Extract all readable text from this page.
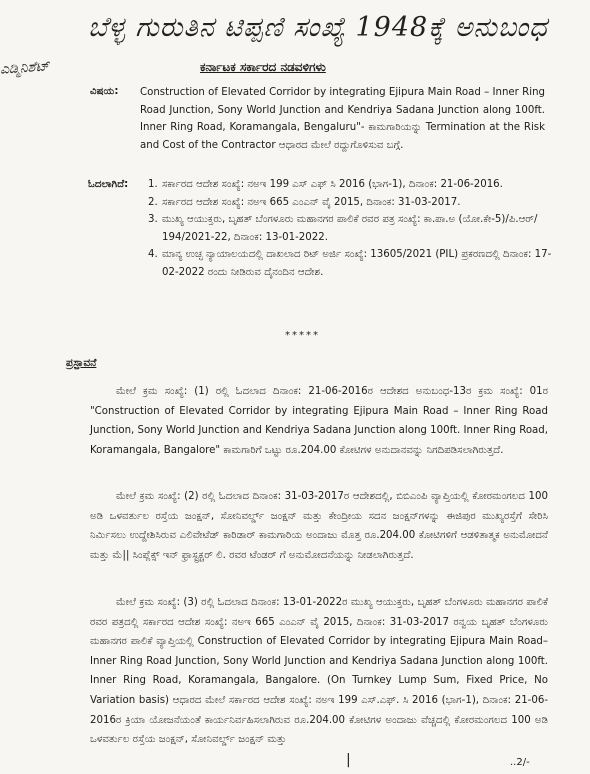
ಬೆಳ್ಳ ಗುರುತಿನ ಟಿಪ್ಪಣಿ ಸಂಖ್ಯೆ 1948ಕ್ಕೆ ಅನುಬಂಧ
ಎಡ್ಮಿನಿಶೆಟ್	ಕರ್ನಾಟಕ ಸರ್ಕಾರದ ನಡವಳಿಗಳು
ವಿಷಯ: Construction of Elevated Corridor by integrating Ejipura Main Road – Inner Ring Road Junction, Sony World Junction and Kendriya Sadana Junction along 100ft. Inner Ring Road, Koramangala, Bengaluru"- ಕಾಮಗಾರಿಯನ್ನು Termination at the Risk and Cost of the Contractor ಆಧಾರದ ಮೇಲೆ ರದ್ದುಗೊಳಿಸುವ ಬಗ್ಗೆ.
ಓದಲಾಗಿದೆ: 1. ಸರ್ಕಾರದ ಆದೇಶ ಸಂಖ್ಯೆ: ನಅಇ 199 ಎಸ್ ಎಫ್ ಸಿ 2016 (ಭಾಗ-1), ದಿನಾಂಕ: 21-06-2016.
2. ಸರ್ಕಾರದ ಆದೇಶ ಸಂಖ್ಯೆ: ನಅಇ 665 ಎಂಎನ್ ವೈ 2015, ದಿನಾಂಕ: 31-03-2017.
3. ಮುಖ್ಯ ಆಯುಕ್ತರು, ಬೃಹತ್ ಬೆಂಗಳೂರು ಮಹಾನಗರ ಪಾಲಿಕೆ ರವರ ಪತ್ರ ಸಂಖ್ಯೆ: ಕಾ.ಪಾ.ಅ (ಯೋ.ಕೇ-5)/ಪಿ.ಆರ್/ 194/2021-22, ದಿನಾಂಕ: 13-01-2022.
4. ಮಾನ್ಯ ಉಚ್ಛ ನ್ಯಾಯಾಲಯದಲ್ಲಿ ದಾಖಲಾದ ರಿಟ್ ಅರ್ಜಿ ಸಂಖ್ಯೆ: 13605/2021 (PIL) ಪ್ರಕರಣದಲ್ಲಿ ದಿನಾಂಕ: 17-02-2022 ರಂದು ನೀಡಿರುವ ದೈನಂದಿನ ಆದೇಶ.
*****
ಪ್ರಸ್ತಾವನೆ
ಮೇಲೆ ಕ್ರಮ ಸಂಖ್ಯೆ: (1) ರಲ್ಲಿ ಓದಲಾದ ದಿನಾಂಕ: 21-06-2016ರ ಆದೇಶದ ಅನುಬಂಧ-13ರ ಕ್ರಮ ಸಂಖ್ಯೆ: 01ರ "Construction of Elevated Corridor by integrating Ejipura Main Road – Inner Ring Road Junction, Sony World Junction and Kendriya Sadana Junction along 100ft. Inner Ring Road, Koramangala, Bangalore" ಕಾಮಗಾರಿಗೆ ಒಟ್ಟು ರೂ.204.00 ಕೋಟಿಗಳ ಅನುದಾನವನ್ನು ನಿಗದಿಪಡಿಸಲಾಗಿರುತ್ತದೆ.
ಮೇಲೆ ಕ್ರಮ ಸಂಖ್ಯೆ: (2) ರಲ್ಲಿ ಓದಲಾದ ದಿನಾಂಕ: 31-03-2017ರ ಆದೇಶದಲ್ಲಿ, ಬಿಬಿಎಂಪಿ ವ್ಯಾಪ್ತಿಯಲ್ಲಿ ಕೋರಮಂಗಲದ 100 ಅಡಿ ಒಳವರ್ತುಲ ರಸ್ತೆಯ ಜಂಕ್ಷನ್, ಸೋನಿವರ್ಲ್ಡ್ ಜಂಕ್ಷನ್ ಮತ್ತು ಕೇಂದ್ರೀಯ ಸದನ ಜಂಕ್ಷನ್‌ಗಳನ್ನು ಈಜಿಪುರ ಮುಖ್ಯರಸ್ತೆಗೆ ಸೇರಿಸಿ ನಿರ್ಮಿಸಲು ಉದ್ದೇಶಿಸಿರುವ ಎಲಿವೇಟೆಡ್ ಕಾರಿಡಾರ್ ಕಾಮಗಾರಿಯ ಅಂದಾಜು ಮೊತ್ತ ರೂ.204.00 ಕೋಟಿಗಳಿಗೆ ಆಡಳಿತಾತ್ಮಕ ಅನುಮೋದನೆ ಮತ್ತು ಮೆ|| ಸಿಂಪ್ಲೆಕ್ಸ್ ಇನ್ ಫ್ರಾಸ್ಟ್ರಕ್ಚರ್ ಲಿ. ರವರ ಟೆಂಡರ್ ಗೆ ಅನುಮೋದನೆಯನ್ನು ನೀಡಲಾಗಿರುತ್ತದೆ.
ಮೇಲೆ ಕ್ರಮ ಸಂಖ್ಯೆ: (3) ರಲ್ಲಿ ಓದಲಾದ ದಿನಾಂಕ: 13-01-2022ರ ಮುಖ್ಯ ಆಯುಕ್ತರು, ಬೃಹತ್ ಬೆಂಗಳೂರು ಮಹಾನಗರ ಪಾಲಿಕೆ ರವರ ಪತ್ರದಲ್ಲಿ ಸರ್ಕಾರದ ಆದೇಶ ಸಂಖ್ಯೆ: ನಅಇ 665 ಎಂಎನ್ ವೈ 2015, ದಿನಾಂಕ: 31-03-2017 ರನ್ವಯ ಬೃಹತ್ ಬೆಂಗಳೂರು ಮಹಾನಗರ ಪಾಲಿಕೆ ವ್ಯಾಪ್ತಿಯಲ್ಲಿ Construction of Elevated Corridor by integrating Ejipura Main Road–Inner Ring Road Junction, Sony World Junction and Kendriya Sadana Junction along 100ft. Inner Ring Road, Koramangala, Bangalore. (On Turnkey Lump Sum, Fixed Price, No Variation basis) ಆಧಾರದ ಮೇಲೆ ಸರ್ಕಾರದ ಆದೇಶ ಸಂಖ್ಯೆ: ನಅಇ 199 ಎಸ್.ಎಫ್. ಸಿ 2016 (ಭಾಗ-1), ದಿನಾಂಕ: 21-06-2016ರ ಕ್ರಿಯಾ ಯೋಜನೆಯಂತೆ ಕಾರ್ಯನಿರ್ವಹಿಸಲಾಗಿರುವ ರೂ.204.00 ಕೋಟಿಗಳ ಅಂದಾಜು ವೆಚ್ಚದಲ್ಲಿ ಕೋರಮಂಗಲದ 100 ಅಡಿ ಒಳವರ್ತುಲ ರಸ್ತೆಯ ಜಂಕ್ಷನ್, ಸೋನಿವರ್ಲ್ಡ್ ಜಂಕ್ಷನ್ ಮತ್ತು
|	..2/-
